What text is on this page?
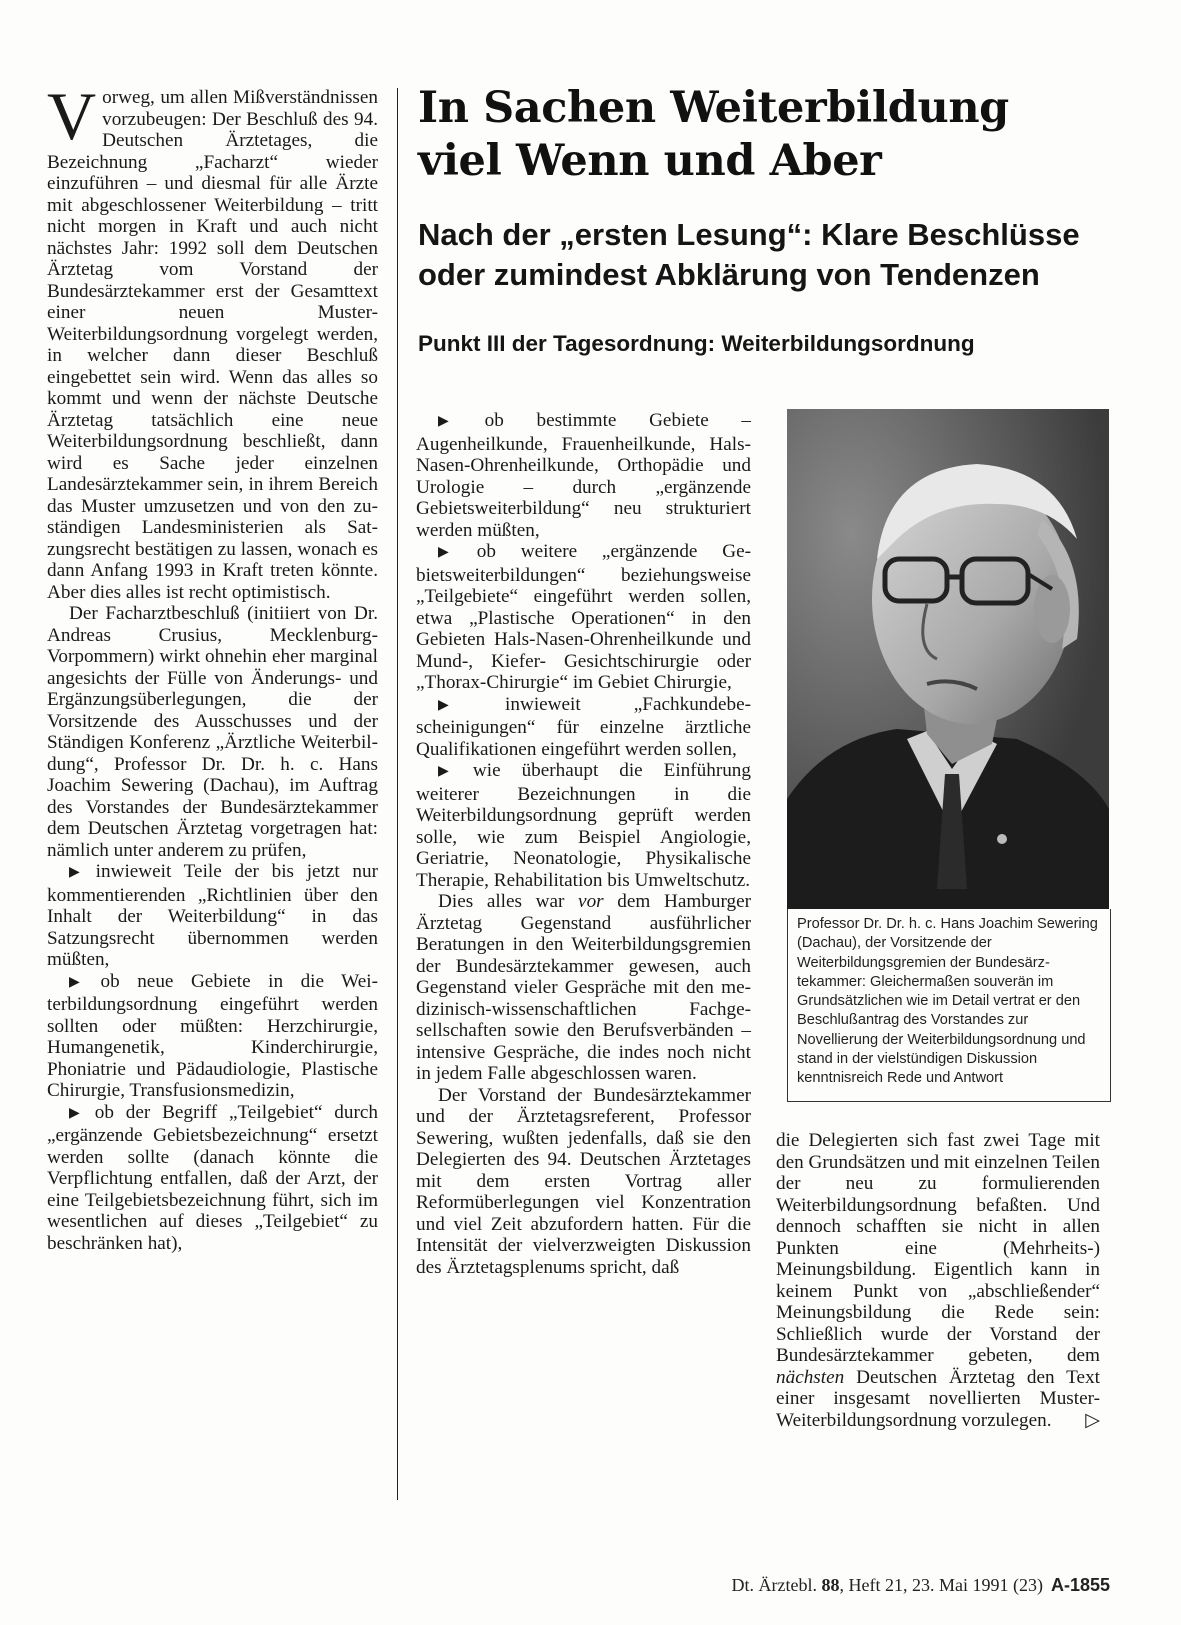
Vorweg, um allen Mißverständnissen vorzubeugen: Der Beschluß des 94. Deutschen Ärztetages, die Bezeichnung „Facharzt“ wieder einzuführen – und diesmal für alle Ärzte mit abgeschlossener Weiterbildung – tritt nicht morgen in Kraft und auch nicht nächstes Jahr: 1992 soll dem Deutschen Ärztetag vom Vorstand der Bundesärztekammer erst der Gesamttext einer neuen Muster-Weiterbildungsordnung vorgelegt werden, in welcher dann dieser Beschluß eingebettet sein wird. Wenn das alles so kommt und wenn der nächste Deutsche Ärztetag tatsächlich eine neue Weiterbildungsordnung beschließt, dann wird es Sache jeder einzelnen Landesärztekammer sein, in ihrem Bereich das Muster umzusetzen und von den zuständigen Landesministerien als Satzungsrecht bestätigen zu lassen, wonach es dann Anfang 1993 in Kraft treten könnte. Aber dies alles ist recht optimistisch.

Der Facharztbeschluß (initiiert von Dr. Andreas Crusius, Mecklenburg-Vorpommern) wirkt ohnehin eher marginal angesichts der Fülle von Änderungs- und Ergänzungsüberlegungen, die der Vorsitzende des Ausschusses und der Ständigen Konferenz „Ärztliche Weiterbildung“, Professor Dr. Dr. h. c. Hans Joachim Sewering (Dachau), im Auftrag des Vorstandes der Bundesärztekammer dem Deutschen Ärztetag vorgetragen hat: nämlich unter anderem zu prüfen,

▶ inwieweit Teile der bis jetzt nur kommentierenden „Richtlinien über den Inhalt der Weiterbildung“ in das Satzungsrecht übernommen werden müßten,

▶ ob neue Gebiete in die Weiterbildungsordnung eingeführt werden sollten oder müßten: Herzchirurgie, Humangenetik, Kinderchirurgie, Phoniatrie und Pädaudiologie, Plastische Chirurgie, Transfusionsmedizin,

▶ ob der Begriff „Teilgebiet“ durch „ergänzende Gebietsbezeichnung“ ersetzt werden sollte (danach könnte die Verpflichtung entfallen, daß der Arzt, der eine Teilgebietsbezeichnung führt, sich im wesentlichen auf dieses „Teilgebiet“ zu beschränken hat),

In Sachen Weiterbildung
viel Wenn und Aber
Nach der „ersten Lesung“: Klare Beschlüsse
oder zumindest Abklärung von Tendenzen
Punkt III der Tagesordnung: Weiterbildungsordnung

▶ ob bestimmte Gebiete – Augenheilkunde, Frauenheilkunde, Hals-Nasen-Ohrenheilkunde, Orthopädie und Urologie – durch „ergänzende Gebietsweiterbildung“ neu strukturiert werden müßten,

▶ ob weitere „ergänzende Gebietsweiterbildungen“ beziehungsweise „Teilgebiete“ eingeführt werden sollen, etwa „Plastische Operationen“ in den Gebieten Hals-Nasen-Ohrenheilkunde und Mund-, Kiefer- Gesichtschirurgie oder „Thorax-Chirurgie“ im Gebiet Chirurgie,

▶ inwieweit „Fachkundebescheinigungen“ für einzelne ärztliche Qualifikationen eingeführt werden sollen,

▶ wie überhaupt die Einführung weiterer Bezeichnungen in die Weiterbildungsordnung geprüft werden solle, wie zum Beispiel Angiologie, Geriatrie, Neonatologie, Physikalische Therapie, Rehabilitation bis Umweltschutz.

Dies alles war vor dem Hamburger Ärztetag Gegenstand ausführlicher Beratungen in den Weiterbildungsgremien der Bundesärztekammer gewesen, auch Gegenstand vieler Gespräche mit den medizinisch-wissenschaftlichen Fachgesellschaften sowie den Berufsverbänden – intensive Gespräche, die indes noch nicht in jedem Falle abgeschlossen waren.

Der Vorstand der Bundesärztekammer und der Ärztetagsreferent, Professor Sewering, wußten jedenfalls, daß sie den Delegierten des 94. Deutschen Ärztetages mit dem ersten Vortrag aller Reformüberlegungen viel Konzentration und viel Zeit abzufordern hatten. Für die Intensität der vielverzweigten Diskussion des Ärztetagsplenums spricht, daß

Professor Dr. Dr. h. c. Hans Joachim Sewering (Dachau), der Vorsitzende der Weiterbildungsgremien der Bundesärztekammer: Gleichermaßen souverän im Grundsätzlichen wie im Detail vertrat er den Beschlußantrag des Vorstandes zur Novellierung der Weiterbildungsordnung und stand in der vielstündigen Diskussion kenntnisreich Rede und Antwort

die Delegierten sich fast zwei Tage mit den Grundsätzen und mit einzelnen Teilen der neu zu formulierenden Weiterbildungsordnung befaßten. Und dennoch schafften sie nicht in allen Punkten eine (Mehrheits-) Meinungsbildung. Eigentlich kann in keinem Punkt von „abschließender“ Meinungsbildung die Rede sein: Schließlich wurde der Vorstand der Bundesärztekammer gebeten, dem nächsten Deutschen Ärztetag den Text einer insgesamt novellierten Muster-Weiterbildungsordnung vorzulegen. ▷

Dt. Ärztebl. 88, Heft 21, 23. Mai 1991 (23) A-1855
